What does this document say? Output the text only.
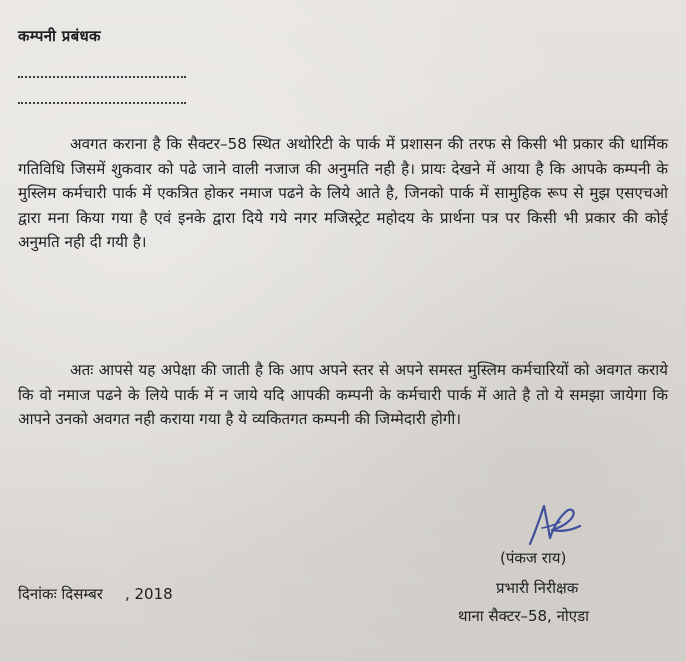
कम्पनी प्रबंधक

अवगत कराना है कि सैक्टर–58 स्थित अथोरिटी के पार्क में प्रशासन की तरफ से किसी भी प्रकार की धार्मिक गतिविधि जिसमें शुकवार को पढे जाने वाली नजाज की अनुमति नही है। प्रायः देखने में आया है कि आपके कम्पनी के मुस्लिम कर्मचारी पार्क में एकत्रित होकर नमाज पढने के लिये आते है, जिनको पार्क में सामुहिक रूप से मुझ एसएचओ द्वारा मना किया गया है एवं इनके द्वारा दिये गये नगर मजिस्ट्रेट महोदय के प्रार्थना पत्र पर किसी भी प्रकार की कोई अनुमति नही दी गयी है।

अतः आपसे यह अपेक्षा की जाती है कि आप अपने स्तर से अपने समस्त मुस्लिम कर्मचारियों को अवगत कराये कि वो नमाज पढने के लिये पार्क में न जाये यदि आपकी कम्पनी के कर्मचारी पार्क में आते है तो ये समझा जायेगा कि आपने उनको अवगत नही कराया गया है ये व्यकितगत कम्पनी की जिम्मेदारी होगी।

(पंकज राय)
प्रभारी निरीक्षक
थाना सैक्टर–58, नोएडा
दिनांकः दिसम्बर , 2018
